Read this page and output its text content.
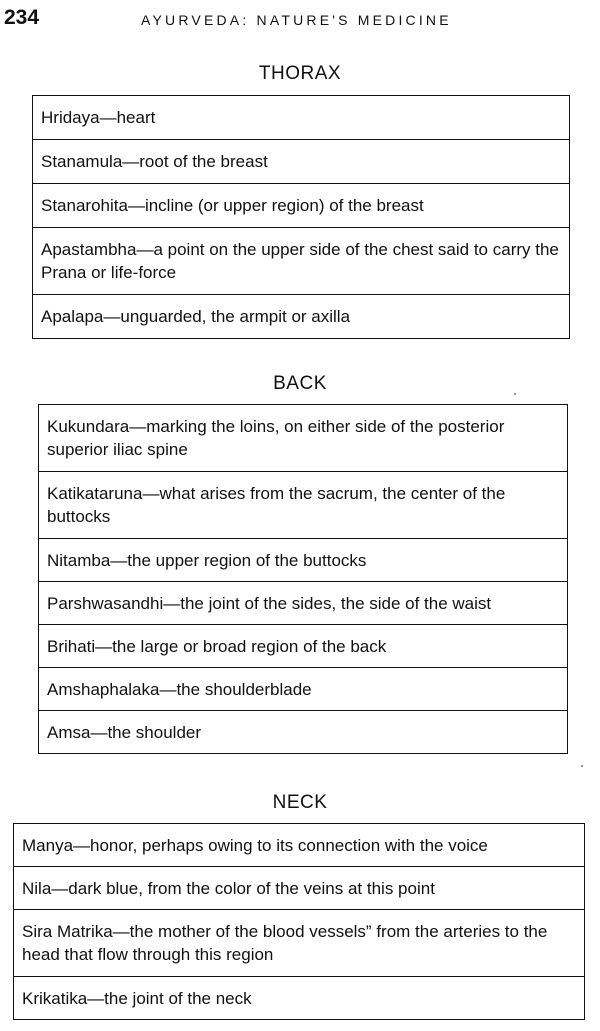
234	AYURVEDA: NATURE'S MEDICINE
THORAX
Hridaya—heart
Stanamula—root of the breast
Stanarohita—incline (or upper region) of the breast
Apastambha—a point on the upper side of the chest said to carry the Prana or life-force
Apalapa—unguarded, the armpit or axilla
BACK
Kukundara—marking the loins, on either side of the posterior superior iliac spine
Katikataruna—what arises from the sacrum, the center of the buttocks
Nitamba—the upper region of the buttocks
Parshwasandhi—the joint of the sides, the side of the waist
Brihati—the large or broad region of the back
Amshaphalaka—the shoulderblade
Amsa—the shoulder
NECK
Manya—honor, perhaps owing to its connection with the voice
Nila—dark blue, from the color of the veins at this point
Sira Matrika—the mother of the blood vessels” from the arteries to the head that flow through this region
Krikatika—the joint of the neck
